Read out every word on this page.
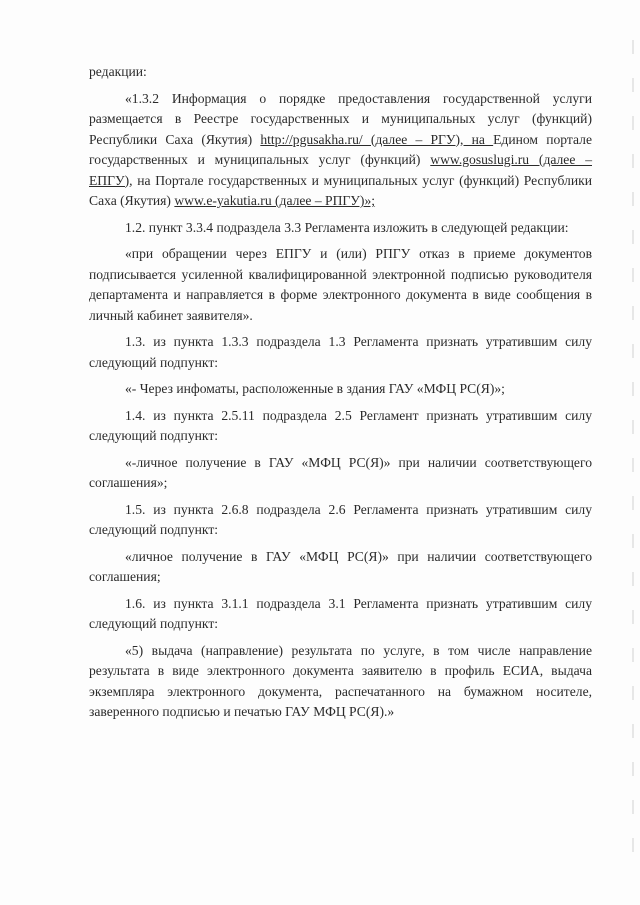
редакции:

«1.3.2 Информация о порядке предоставления государственной услуги размещается в Реестре государственных и муниципальных услуг (функций) Республики Саха (Якутия) http://pgusakha.ru/ (далее – РГУ), на Едином портале государственных и муниципальных услуг (функций) www.gosuslugi.ru (далее – ЕПГУ), на Портале государственных и муниципальных услуг (функций) Республики Саха (Якутия) www.e-yakutia.ru (далее – РПГУ)»;

1.2. пункт 3.3.4 подраздела 3.3 Регламента изложить в следующей редакции:

«при обращении через ЕПГУ и (или) РПГУ отказ в приеме документов подписывается усиленной квалифицированной электронной подписью руководителя департамента и направляется в форме электронного документа в виде сообщения в личный кабинет заявителя».

1.3. из пункта 1.3.3 подраздела 1.3 Регламента признать утратившим силу следующий подпункт:

«- Через инфоматы, расположенные в здания ГАУ «МФЦ РС(Я)»;

1.4. из пункта 2.5.11 подраздела 2.5 Регламент признать утратившим силу следующий подпункт:

«-личное получение в ГАУ «МФЦ РС(Я)» при наличии соответствующего соглашения»;

1.5. из пункта 2.6.8 подраздела 2.6 Регламента признать утратившим силу следующий подпункт:

«личное получение в ГАУ «МФЦ РС(Я)» при наличии соответствующего соглашения;

1.6. из пункта 3.1.1 подраздела 3.1 Регламента признать утратившим силу следующий подпункт:

«5) выдача (направление) результата по услуге, в том числе направление результата в виде электронного документа заявителю в профиль ЕСИА, выдача экземпляра электронного документа, распечатанного на бумажном носителе, заверенного подписью и печатью ГАУ МФЦ РС(Я).»
